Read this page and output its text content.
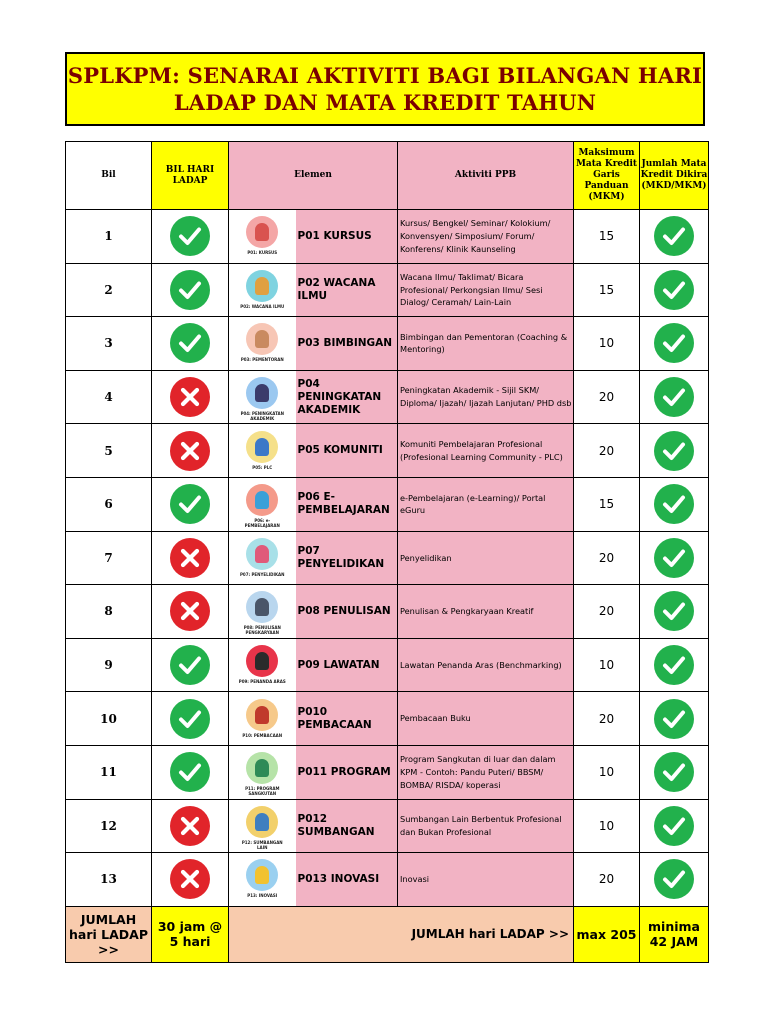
SPLKPM: SENARAI AKTIVITI BAGI BILANGAN HARI
LADAP DAN MATA KREDIT TAHUN
Bil	BIL HARI LADAP	Elemen		Aktiviti PPB	Maksimum Mata Kredit Garis Panduan (MKM)	Jumlah Mata Kredit Dikira (MKD/MKM)
1		P01: KURSUS	P01 KURSUS	Kursus/ Bengkel/ Seminar/ Kolokium/ Konvensyen/ Simposium/ Forum/ Konferens/ Klinik Kaunseling	15	

2		P02: WACANA ILMU	P02 WACANA ILMU	Wacana Ilmu/ Taklimat/ Bicara Profesional/ Perkongsian Ilmu/ Sesi Dialog/ Ceramah/ Lain-Lain	15	

3		P03: PEMENTORAN	P03 BIMBINGAN	Bimbingan dan Pementoran (Coaching & Mentoring)	10	

4		P04: PENINGKATAN AKADEMIK	P04 PENINGKATAN AKADEMIK	Peningkatan Akademik - Sijil SKM/ Diploma/ Ijazah/ Ijazah Lanjutan/ PHD dsb	20	

5		P05: PLC	P05 KOMUNITI	Komuniti Pembelajaran Profesional (Profesional Learning Community - PLC)	20	

6		P06: e-PEMBELAJARAN	P06 E-PEMBELAJARAN	e-Pembelajaran (e-Learning)/ Portal eGuru	15	

7		P07: PENYELIDIKAN	P07 PENYELIDIKAN	Penyelidikan	20	

8		P08: PENULISAN PENGKARYAAN	P08 PENULISAN	Penulisan & Pengkaryaan Kreatif	20	

9		P09: PENANDA ARAS	P09 LAWATAN	Lawatan Penanda Aras (Benchmarking)	10	

10		P10: PEMBACAAN	P010 PEMBACAAN	Pembacaan Buku	20	

11		P11: PROGRAM SANGKUTAN	P011 PROGRAM	Program Sangkutan di luar dan dalam KPM - Contoh: Pandu Puteri/ BBSM/ BOMBA/ RISDA/ koperasi	10	

12		P12: SUMBANGAN LAIN	P012 SUMBANGAN	Sumbangan Lain Berbentuk Profesional dan Bukan Profesional	10	

13		P13: INOVASI	P013 INOVASI	Inovasi	20	

JUMLAH hari LADAP >>	30 jam @ 5 hari	JUMLAH hari LADAP >>			max 205	minima 42 JAM
